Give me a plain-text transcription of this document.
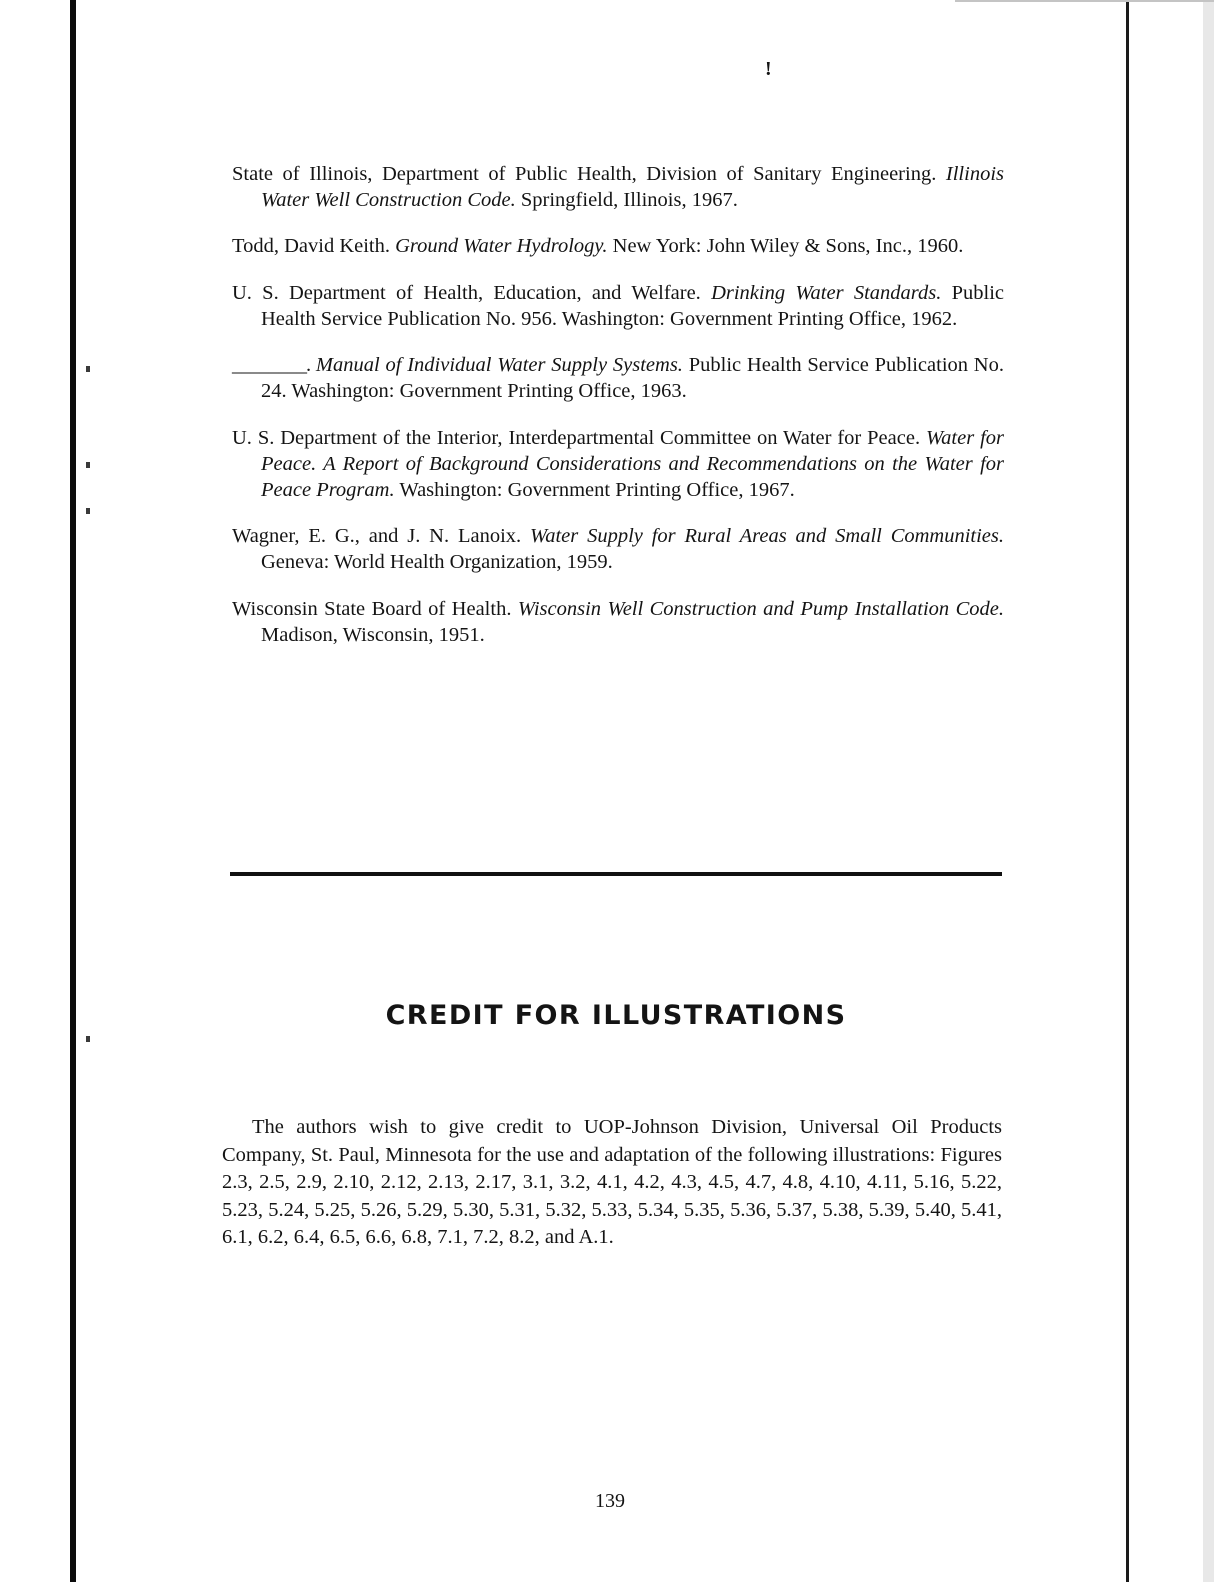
!

State of Illinois, Department of Public Health, Division of Sanitary Engineering. Illinois Water Well Construction Code. Springfield, Illinois, 1967.

Todd, David Keith. Ground Water Hydrology. New York: John Wiley & Sons, Inc., 1960.

U. S. Department of Health, Education, and Welfare. Drinking Water Standards. Public Health Service Publication No. 956. Washington: Government Printing Office, 1962.

________. Manual of Individual Water Supply Systems. Public Health Service Publication No. 24. Washington: Government Printing Office, 1963.

U. S. Department of the Interior, Interdepartmental Committee on Water for Peace. Water for Peace. A Report of Background Considerations and Recommendations on the Water for Peace Program. Washington: Government Printing Office, 1967.

Wagner, E. G., and J. N. Lanoix. Water Supply for Rural Areas and Small Communities. Geneva: World Health Organization, 1959.

Wisconsin State Board of Health. Wisconsin Well Construction and Pump Installation Code. Madison, Wisconsin, 1951.

CREDIT FOR ILLUSTRATIONS

The authors wish to give credit to UOP-Johnson Division, Universal Oil Products Company, St. Paul, Minnesota for the use and adaptation of the following illustrations: Figures 2.3, 2.5, 2.9, 2.10, 2.12, 2.13, 2.17, 3.1, 3.2, 4.1, 4.2, 4.3, 4.5, 4.7, 4.8, 4.10, 4.11, 5.16, 5.22, 5.23, 5.24, 5.25, 5.26, 5.29, 5.30, 5.31, 5.32, 5.33, 5.34, 5.35, 5.36, 5.37, 5.38, 5.39, 5.40, 5.41, 6.1, 6.2, 6.4, 6.5, 6.6, 6.8, 7.1, 7.2, 8.2, and A.1.

139
